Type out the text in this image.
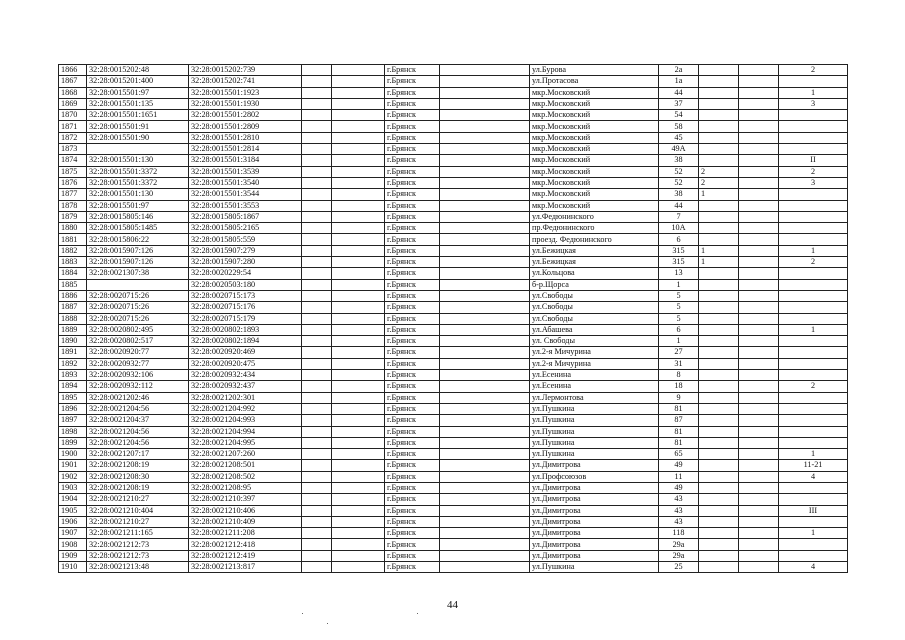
1866	32:28:0015202:48	32:28:0015202:739			г.Брянск		ул.Бурова	2а			2
1867	32:28:0015201:400	32:28:0015202:741			г.Брянск		ул.Протасова	1а			
1868	32:28:0015501:97	32:28:0015501:1923			г.Брянск		мкр.Московский	44			1
1869	32:28:0015501:135	32:28:0015501:1930			г.Брянск		мкр.Московский	37			3
1870	32:28:0015501:1651	32:28:0015501:2802			г.Брянск		мкр.Московский	54			
1871	32:28:0015501:91	32:28:0015501:2809			г.Брянск		мкр.Московский	58			
1872	32:28:0015501:90	32:28:0015501:2810			г.Брянск		мкр.Московский	45			
1873		32:28:0015501:2814			г.Брянск		мкр.Московский	49А			
1874	32:28:0015501:130	32:28:0015501:3184			г.Брянск		мкр.Московский	38			II
1875	32:28:0015501:3372	32:28:0015501:3539			г.Брянск		мкр.Московский	52	2		2
1876	32:28:0015501:3372	32:28:0015501:3540			г.Брянск		мкр.Московский	52	2		3
1877	32:28:0015501:130	32:28:0015501:3544			г.Брянск		мкр.Московский	38	1		
1878	32:28:0015501:97	32:28:0015501:3553			г.Брянск		мкр.Московский	44			
1879	32:28:0015805:146	32:28:0015805:1867			г.Брянск		ул.Федюнинского	7			
1880	32:28:0015805:1485	32:28:0015805:2165			г.Брянск		пр.Федюнинского	10А			
1881	32:28:0015806:22	32:28:0015805:559			г.Брянск		проезд. Федюнинского	6			
1882	32:28:0015907:126	32:28:0015907:279			г.Брянск		ул.Бежицкая	315	1		1
1883	32:28:0015907:126	32:28:0015907:280			г.Брянск		ул.Бежицкая	315	1		2
1884	32:28:0021307:38	32:28:0020229:54			г.Брянск		ул.Кольцова	13			
1885		32:28:0020503:180			г.Брянск		б-р.Щорса	1			
1886	32:28:0020715:26	32:28:0020715:173			г.Брянск		ул.Свободы	5			
1887	32:28:0020715:26	32:28:0020715:176			г.Брянск		ул.Свободы	5			
1888	32:28:0020715:26	32:28:0020715:179			г.Брянск		ул.Свободы	5			
1889	32:28:0020802:495	32:28:0020802:1893			г.Брянск		ул.Абашева	6			1
1890	32:28:0020802:517	32:28:0020802:1894			г.Брянск		ул. Свободы	1			
1891	32:28:0020920:77	32:28:0020920:469			г.Брянск		ул.2-я Мичурина	27			
1892	32:28:0020932:77	32:28:0020920:475			г.Брянск		ул.2-я Мичурина	31			
1893	32:28:0020932:106	32:28:0020932:434			г.Брянск		ул.Есенина	8			
1894	32:28:0020932:112	32:28:0020932:437			г.Брянск		ул.Есенина	18			2
1895	32:28:0021202:46	32:28:0021202:301			г.Брянск		ул.Лермонтова	9			
1896	32:28:0021204:56	32:28:0021204:992			г.Брянск		ул.Пушкина	81			
1897	32:28:0021204:37	32:28:0021204:993			г.Брянск		ул.Пушкина	87			
1898	32:28:0021204:56	32:28:0021204:994			г.Брянск		ул.Пушкина	81			
1899	32:28:0021204:56	32:28:0021204:995			г.Брянск		ул.Пушкина	81			
1900	32:28:0021207:17	32:28:0021207:260			г.Брянск		ул.Пушкина	65			1
1901	32:28:0021208:19	32:28:0021208:501			г.Брянск		ул.Димитрова	49			11-21
1902	32:28:0021208:30	32:28:0021208:502			г.Брянск		ул.Профсоюзов	11			4
1903	32:28:0021208:19	32:28:0021208:95			г.Брянск		ул.Димитрова	49			
1904	32:28:0021210:27	32:28:0021210:397			г.Брянск		ул.Димитрова	43			
1905	32:28:0021210:404	32:28:0021210:406			г.Брянск		ул.Димитрова	43			III
1906	32:28:0021210:27	32:28:0021210:409			г.Брянск		ул.Димитрова	43			
1907	32:28:0021211:165	32:28:0021211:208			г.Брянск		ул.Димитрова	118			1
1908	32:28:0021212:73	32:28:0021212:418			г.Брянск		ул.Димитрова	29а			
1909	32:28:0021212:73	32:28:0021212:419			г.Брянск		ул.Димитрова	29а			
1910	32:28:0021213:48	32:28:0021213:817			г.Брянск		ул.Пушкина	25			4
44
